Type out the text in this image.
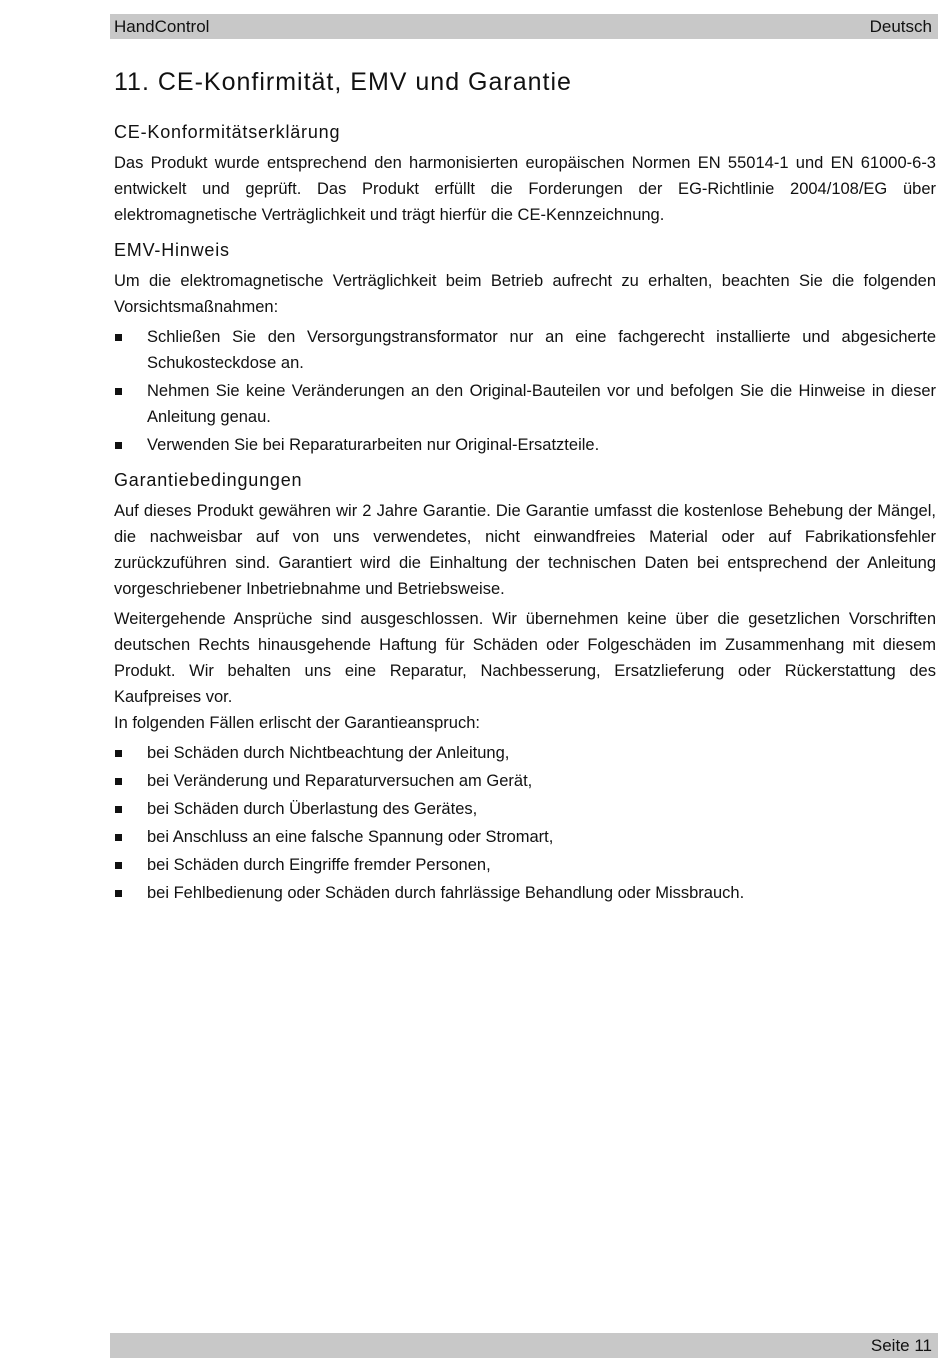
HandControl	Deutsch
11. CE-Konfirmität, EMV und Garantie
CE-Konformitätserklärung

Das Produkt wurde entsprechend den harmonisierten europäischen Normen EN 55014-1 und EN 61000-6-3 entwickelt und geprüft. Das Produkt erfüllt die Forderungen der EG-Richtlinie 2004/108/EG über elektromagnetische Verträglichkeit und trägt hierfür die CE-Kennzeichnung.

EMV-Hinweis

Um die elektromagnetische Verträglichkeit beim Betrieb aufrecht zu erhalten, beachten Sie die folgenden Vorsichtsmaßnahmen:

Schließen Sie den Versorgungstransformator nur an eine fachgerecht installierte und abgesicherte Schukosteckdose an.
Nehmen Sie keine Veränderungen an den Original-Bauteilen vor und befolgen Sie die Hinweise in dieser Anleitung genau.
Verwenden Sie bei Reparaturarbeiten nur Original-Ersatzteile.
Garantiebedingungen

Auf dieses Produkt gewähren wir 2 Jahre Garantie. Die Garantie umfasst die kostenlose Behebung der Mängel, die nachweisbar auf von uns verwendetes, nicht einwandfreies Material oder auf Fabrikationsfehler zurückzuführen sind. Garantiert wird die Einhaltung der technischen Daten bei entsprechend der Anleitung vorgeschriebener Inbetriebnahme und Betriebsweise.

Weitergehende Ansprüche sind ausgeschlossen. Wir übernehmen keine über die gesetzlichen Vorschriften deutschen Rechts hinausgehende Haftung für Schäden oder Folgeschäden im Zusammenhang mit diesem Produkt. Wir behalten uns eine Reparatur, Nachbesserung, Ersatzlieferung oder Rückerstattung des Kaufpreises vor.

In folgenden Fällen erlischt der Garantieanspruch:

bei Schäden durch Nichtbeachtung der Anleitung,
bei Veränderung und Reparaturversuchen am Gerät,
bei Schäden durch Überlastung des Gerätes,
bei Anschluss an eine falsche Spannung oder Stromart,
bei Schäden durch Eingriffe fremder Personen,
bei Fehlbedienung oder Schäden durch fahrlässige Behandlung oder Missbrauch.
Seite 11
